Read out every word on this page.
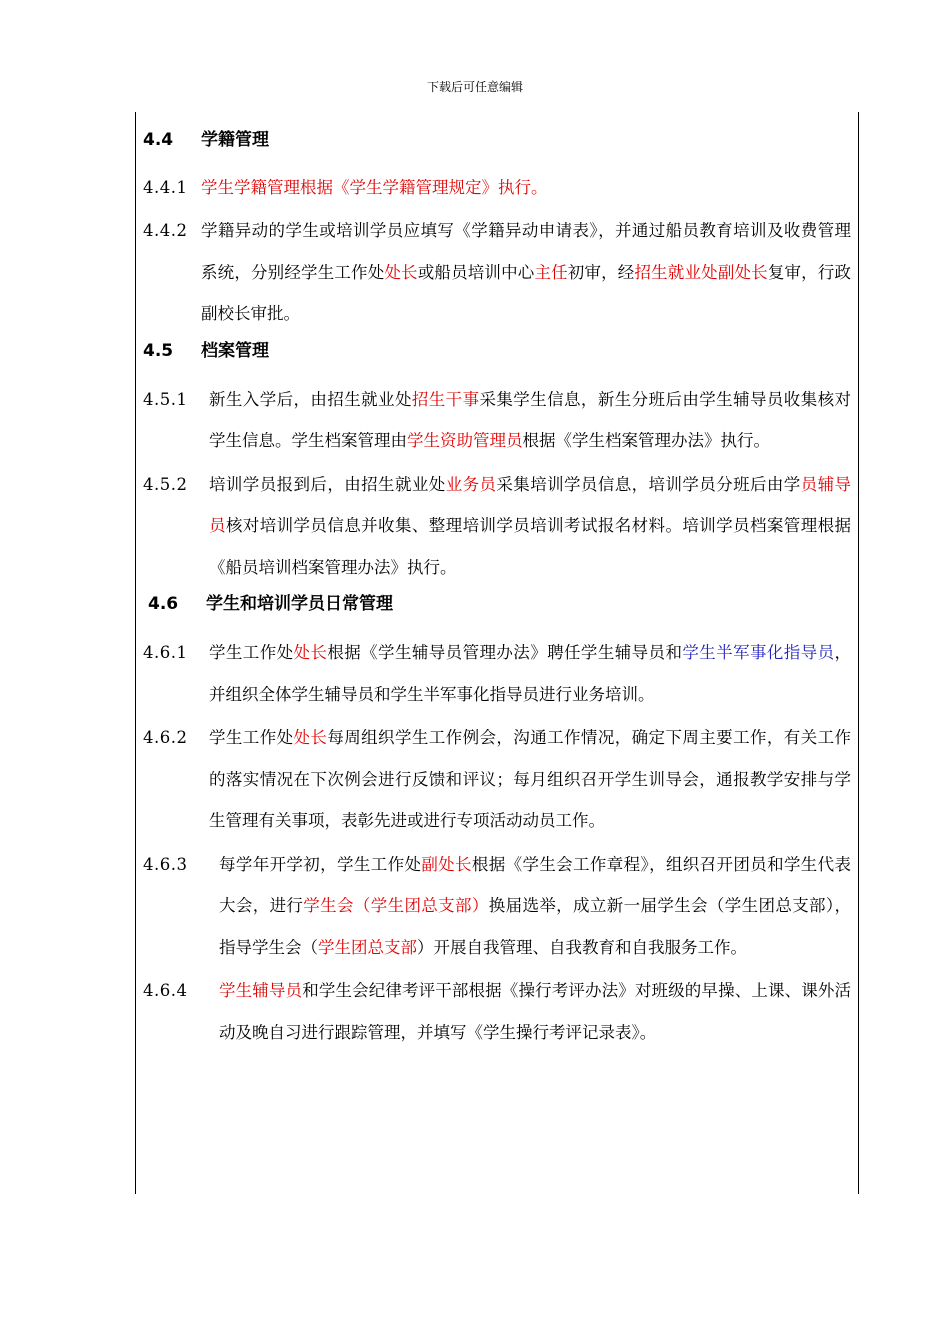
下载后可任意编辑
4.4	学籍管理
4.4.1 学生学籍管理根据《学生学籍管理规定》执行。
4.4.2 学籍异动的学生或培训学员应填写《学籍异动申请表》，并通过船员教育培训及收费管理系统，分别经学生工作处处长或船员培训中心主任初审，经招生就业处副处长复审，行政副校长审批。
4.5	档案管理
4.5.1	新生入学后，由招生就业处招生干事采集学生信息，新生分班后由学生辅导员收集核对学生信息。学生档案管理由学生资助管理员根据《学生档案管理办法》执行。
4.5.2	培训学员报到后，由招生就业处业务员采集培训学员信息，培训学员分班后由学员辅导员核对培训学员信息并收集、整理培训学员培训考试报名材料。培训学员档案管理根据《船员培训档案管理办法》执行。
4.6	学生和培训学员日常管理
4.6.1	学生工作处处长根据《学生辅导员管理办法》聘任学生辅导员和学生半军事化指导员，并组织全体学生辅导员和学生半军事化指导员进行业务培训。
4.6.2	学生工作处处长每周组织学生工作例会，沟通工作情况，确定下周主要工作，有关工作的落实情况在下次例会进行反馈和评议；每月组织召开学生训导会，通报教学安排与学生管理有关事项，表彰先进或进行专项活动动员工作。
4.6.3	每学年开学初，学生工作处副处长根据《学生会工作章程》，组织召开团员和学生代表大会，进行学生会（学生团总支部）换届选举，成立新一届学生会（学生团总支部），指导学生会（学生团总支部）开展自我管理、自我教育和自我服务工作。
4.6.4	学生辅导员和学生会纪律考评干部根据《操行考评办法》对班级的早操、上课、课外活动及晚自习进行跟踪管理，并填写《学生操行考评记录表》。
